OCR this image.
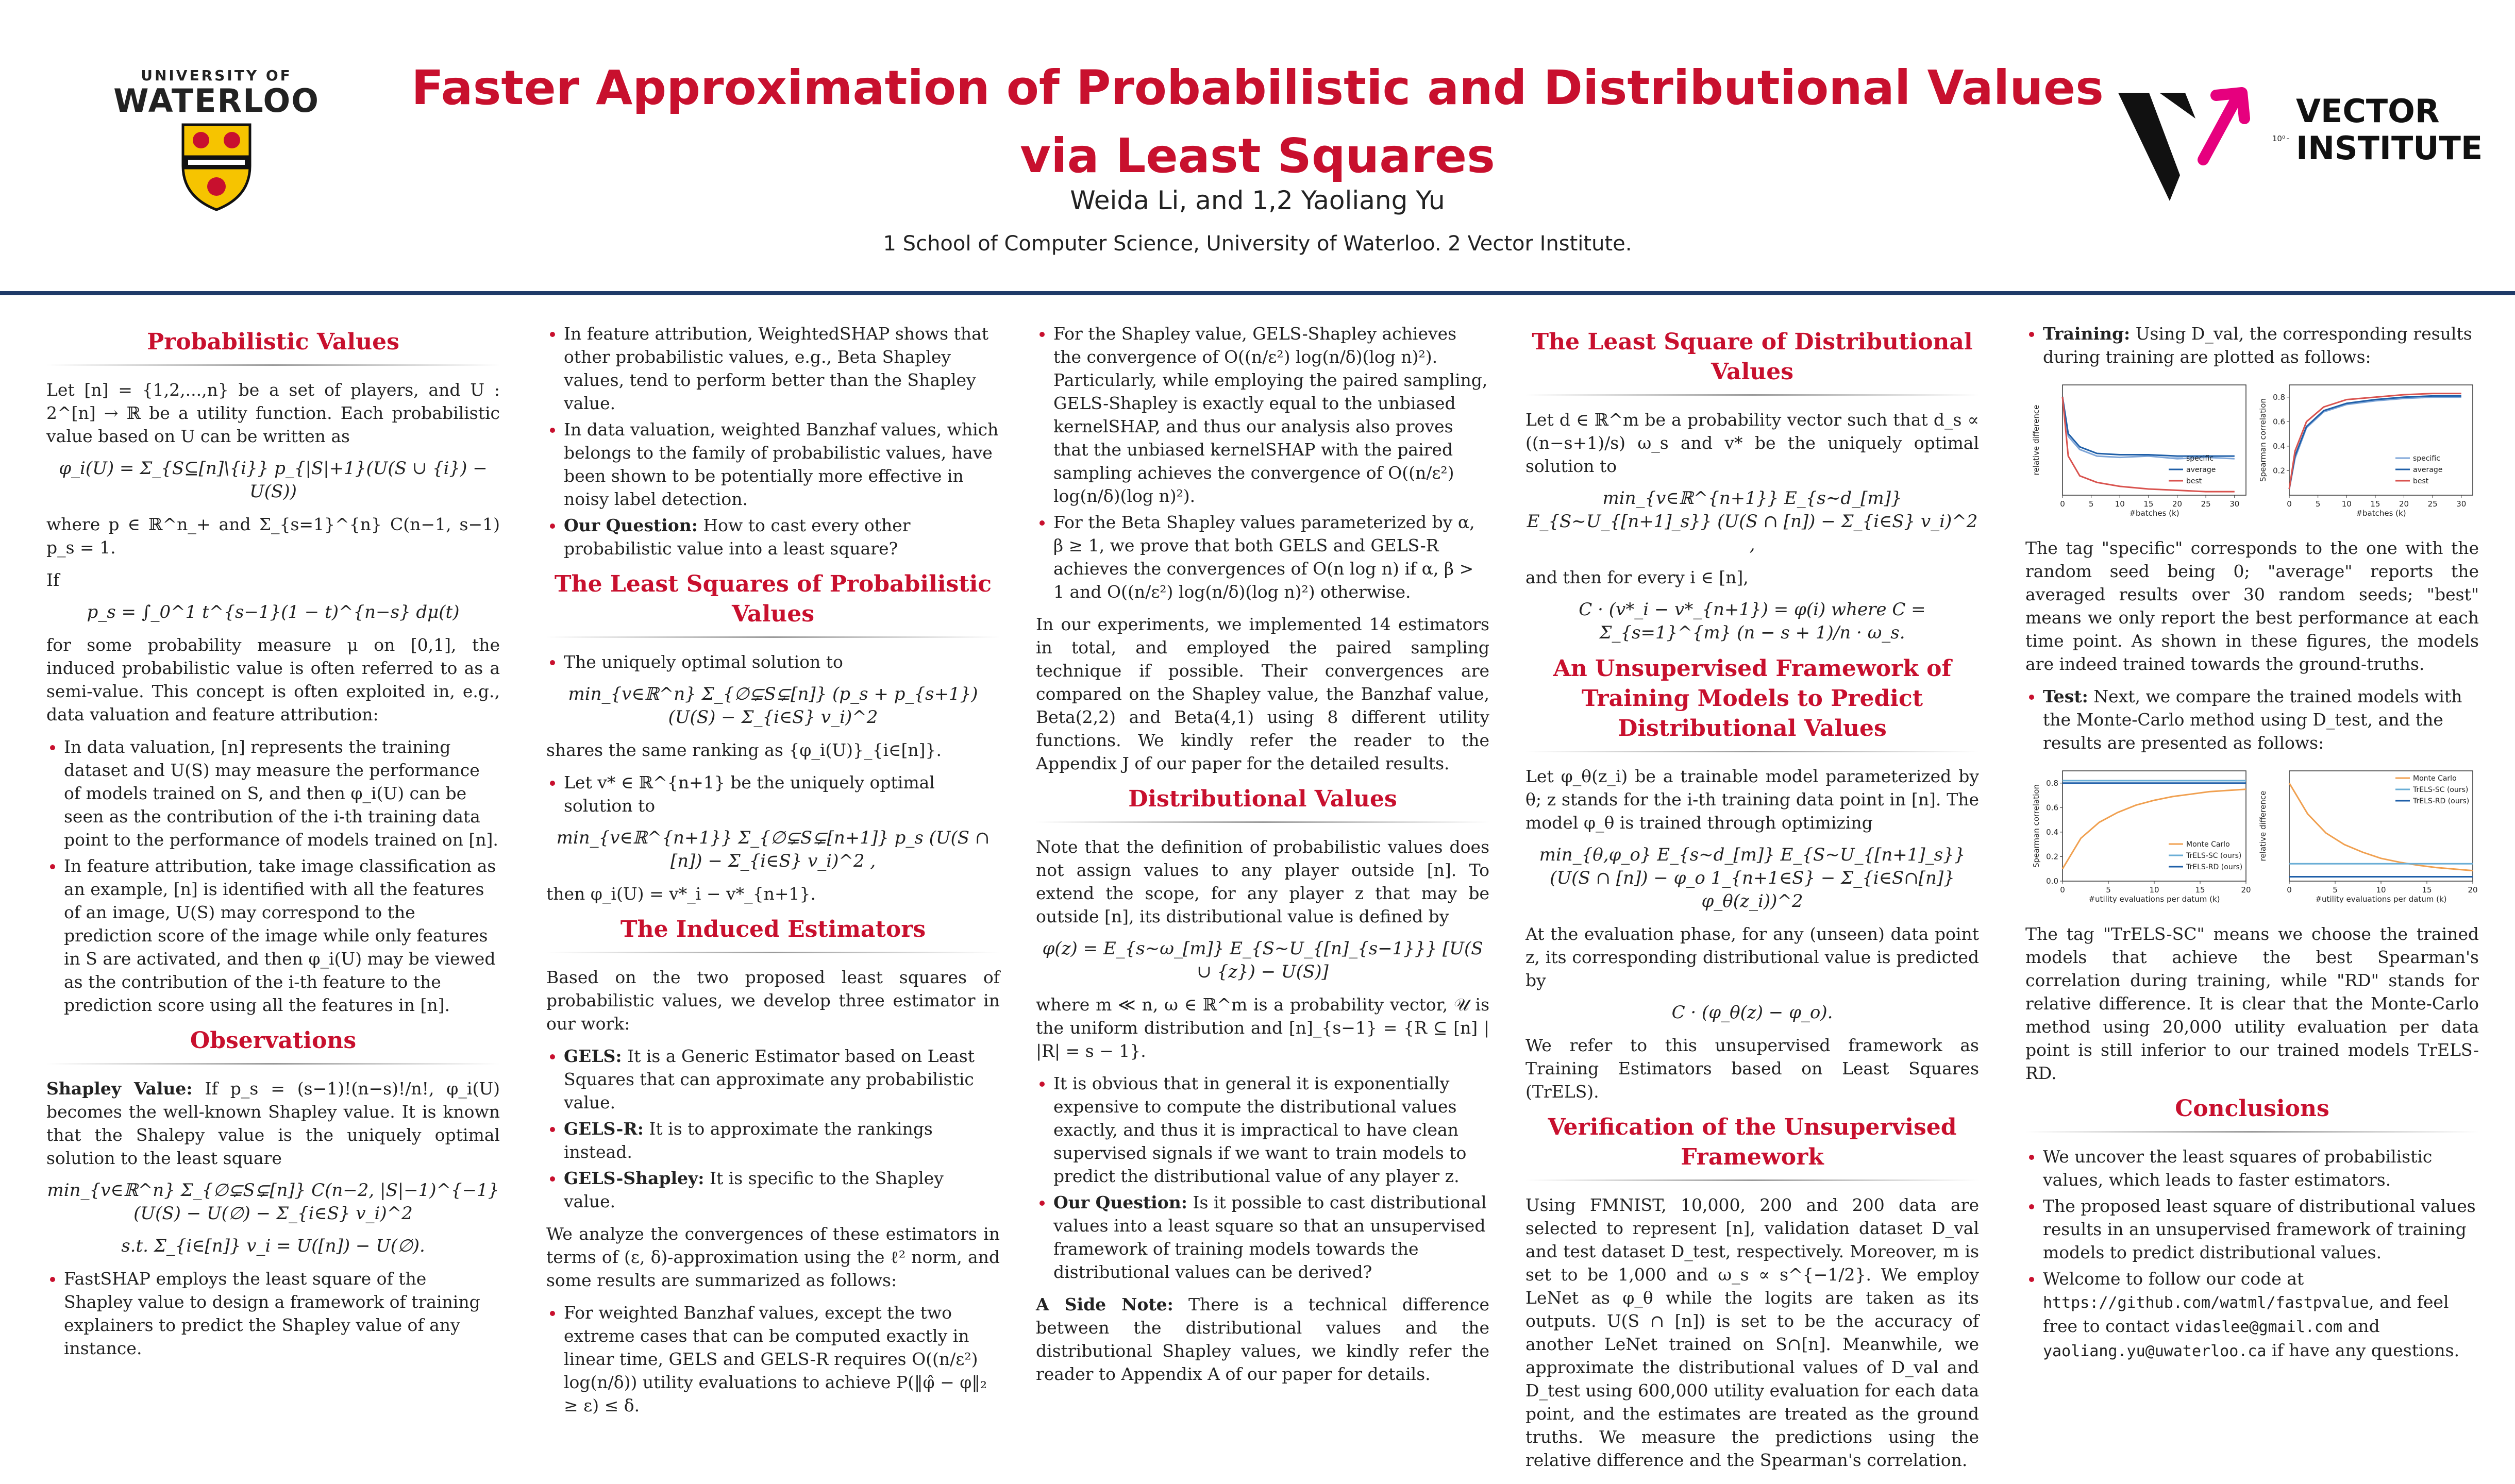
UNIVERSITY OF
WATERLOO	Faster Approximation of Probabilistic and Distributional Values
via Least Squares
Weida Li, and 1,2 Yaoliang Yu
1 School of Computer Science, University of Waterloo. 2 Vector Institute.
VECTOR
INSTITUTE
Probabilistic Values

Let [n] = {1,2,...,n} be a set of players, and U : 2^[n] → ℝ be a utility function. Each probabilistic value based on U can be written as

φ_i(U) = Σ_{S⊆[n]\{i}} p_{|S|+1}(U(S ∪ {i}) − U(S))

where p ∈ ℝ^n_+ and Σ_{s=1}^{n} C(n−1, s−1) p_s = 1.

If

p_s = ∫_0^1 t^{s−1}(1 − t)^{n−s} dμ(t)

for some probability measure μ on [0,1], the induced probabilistic value is often referred to as a semi-value. This concept is often exploited in, e.g., data valuation and feature attribution:

• In data valuation, [n] represents the training dataset and U(S) may measure the performance of models trained on S, and then φ_i(U) can be seen as the contribution of the i-th training data point to the performance of models trained on [n].
• In feature attribution, take image classification as an example, [n] is identified with all the features of an image, U(S) may correspond to the prediction score of the image while only features in S are activated, and then φ_i(U) may be viewed as the contribution of the i-th feature to the prediction score using all the features in [n].
Observations

Shapley Value: If p_s = (s−1)!(n−s)!/n!, φ_i(U) becomes the well-known Shapley value. It is known that the Shalepy value is the uniquely optimal solution to the least square

min_{v∈ℝ^n} Σ_{∅⊊S⊊[n]} C(n−2, |S|−1)^{−1} (U(S) − U(∅) − Σ_{i∈S} v_i)^2
s.t. Σ_{i∈[n]} v_i = U([n]) − U(∅).
• FastSHAP employs the least square of the Shapley value to design a framework of training explainers to predict the Shapley value of any instance.
• In feature attribution, WeightedSHAP shows that other probabilistic values, e.g., Beta Shapley values, tend to perform better than the Shapley value.
• In data valuation, weighted Banzhaf values, which belongs to the family of probabilistic values, have been shown to be potentially more effective in noisy label detection.
• Our Question: How to cast every other probabilistic value into a least square?
The Least Squares of Probabilistic Values
• The uniquely optimal solution to
min_{v∈ℝ^n} Σ_{∅⊊S⊊[n]} (p_s + p_{s+1}) (U(S) − Σ_{i∈S} v_i)^2

shares the same ranking as {φ_i(U)}_{i∈[n]}.

• Let v* ∈ ℝ^{n+1} be the uniquely optimal solution to
min_{v∈ℝ^{n+1}} Σ_{∅⊊S⊊[n+1]} p_s (U(S ∩ [n]) − Σ_{i∈S} v_i)^2 ,

then φ_i(U) = v*_i − v*_{n+1}.

The Induced Estimators

Based on the two proposed least squares of probabilistic values, we develop three estimator in our work:

• GELS: It is a Generic Estimator based on Least Squares that can approximate any probabilistic value.
• GELS-R: It is to approximate the rankings instead.
• GELS-Shapley: It is specific to the Shapley value.

We analyze the convergences of these estimators in terms of (ε, δ)-approximation using the ℓ² norm, and some results are summarized as follows:

• For weighted Banzhaf values, except the two extreme cases that can be computed exactly in linear time, GELS and GELS-R requires O((n/ε²) log(n/δ)) utility evaluations to achieve P(‖φ̂ − φ‖₂ ≥ ε) ≤ δ.
• For the Shapley value, GELS-Shapley achieves the convergence of O((n/ε²) log(n/δ)(log n)²). Particularly, while employing the paired sampling, GELS-Shapley is exactly equal to the unbiased kernelSHAP, and thus our analysis also proves that the unbiased kernelSHAP with the paired sampling achieves the convergence of O((n/ε²) log(n/δ)(log n)²).
• For the Beta Shapley values parameterized by α, β ≥ 1, we prove that both GELS and GELS-R achieves the convergences of O(n log n) if α, β > 1 and O((n/ε²) log(n/δ)(log n)²) otherwise.

In our experiments, we implemented 14 estimators in total, and employed the paired sampling technique if possible. Their convergences are compared on the Shapley value, the Banzhaf value, Beta(2,2) and Beta(4,1) using 8 different utility functions. We kindly refer the reader to the Appendix J of our paper for the detailed results.

Distributional Values

Note that the definition of probabilistic values does not assign values to any player outside [n]. To extend the scope, for any player z that may be outside [n], its distributional value is defined by

φ(z) = E_{s∼ω_[m]} E_{S∼U_{[n]_{s−1}}} [U(S ∪ {z}) − U(S)]

where m ≪ n, ω ∈ ℝ^m is a probability vector, 𝒰 is the uniform distribution and [n]_{s−1} = {R ⊆ [n] | |R| = s − 1}.

• It is obvious that in general it is exponentially expensive to compute the distributional values exactly, and thus it is impractical to have clean supervised signals if we want to train models to predict the distributional value of any player z.
• Our Question: Is it possible to cast distributional values into a least square so that an unsupervised framework of training models towards the distributional values can be derived?

A Side Note: There is a technical difference between the distributional values and the distributional Shapley values, we kindly refer the reader to Appendix A of our paper for details.

The Least Square of Distributional Values

Let d ∈ ℝ^m be a probability vector such that d_s ∝ ((n−s+1)/s) ω_s and v* be the uniquely optimal solution to

min_{v∈ℝ^{n+1}} E_{s∼d_[m]} E_{S∼U_{[n+1]_s}} (U(S ∩ [n]) − Σ_{i∈S} v_i)^2 ,

and then for every i ∈ [n],

C · (v*_i − v*_{n+1}) = φ(i) where C = Σ_{s=1}^{m} (n − s + 1)/n · ω_s.
An Unsupervised Framework of Training Models to Predict Distributional Values

Let φ_θ(z_i) be a trainable model parameterized by θ; z stands for the i-th training data point in [n]. The model φ_θ is trained through optimizing

min_{θ,φ_o} E_{s∼d_[m]} E_{S∼U_{[n+1]_s}} (U(S ∩ [n]) − φ_o 1_{n+1∈S} − Σ_{i∈S∩[n]} φ_θ(z_i))^2

At the evaluation phase, for any (unseen) data point z, its corresponding distributional value is predicted by

C · (φ_θ(z) − φ_o).

We refer to this unsupervised framework as Training Estimators based on Least Squares (TrELS).

Verification of the Unsupervised Framework

Using FMNIST, 10,000, 200 and 200 data are selected to represent [n], validation dataset D_val and test dataset D_test, respectively. Moreover, m is set to be 1,000 and ω_s ∝ s^{−1/2}. We employ LeNet as φ_θ while the logits are taken as its outputs. U(S ∩ [n]) is set to be the accuracy of another LeNet trained on S∩[n]. Meanwhile, we approximate the distributional values of D_val and D_test using 600,000 utility evaluation for each data point, and the estimates are treated as the ground truths. We measure the predictions using the relative difference and the Spearman's correlation.

• Training: Using D_val, the corresponding results during training are plotted as follows:
0	5	10 15 20 25 30
#batches (k)
relative difference	specific
average
best
0	5	10 15 20 25 30
0.2
0.4
0.6
0.8
#batches (k)
Spearman correlation	specific
average
best

The tag "specific" corresponds to the one with the random seed being 0; "average" reports the averaged results over 30 random seeds; "best" means we only report the best performance at each time point. As shown in these figures, the models are indeed trained towards the ground-truths.

• Test: Next, we compare the trained models with the Monte-Carlo method using D_test, and the results are presented as follows:
0	5	10	15	20
0.0
0.2
0.4
0.6
0.8
#utility evaluations per datum (k)
Spearman correlation	Monte Carlo
TrELS-SC (ours)
TrELS-RD (ours)
0	5	10	15	20
10⁰
#utility evaluations per datum (k)
relative difference
Monte Carlo
TrELS-SC (ours)
TrELS-RD (ours)

The tag "TrELS-SC" means we choose the trained models that achieve the best Spearman's correlation during training, while "RD" stands for relative difference. It is clear that the Monte-Carlo method using 20,000 utility evaluation per data point is still inferior to our trained models TrELS-RD.

Conclusions
• We uncover the least squares of probabilistic values, which leads to faster estimators.
• The proposed least square of distributional values results in an unsupervised framework of training models to predict distributional values.
• Welcome to follow our code at https://github.com/watml/fastpvalue, and feel free to contact vidaslee@gmail.com and yaoliang.yu@uwaterloo.ca if have any questions.
